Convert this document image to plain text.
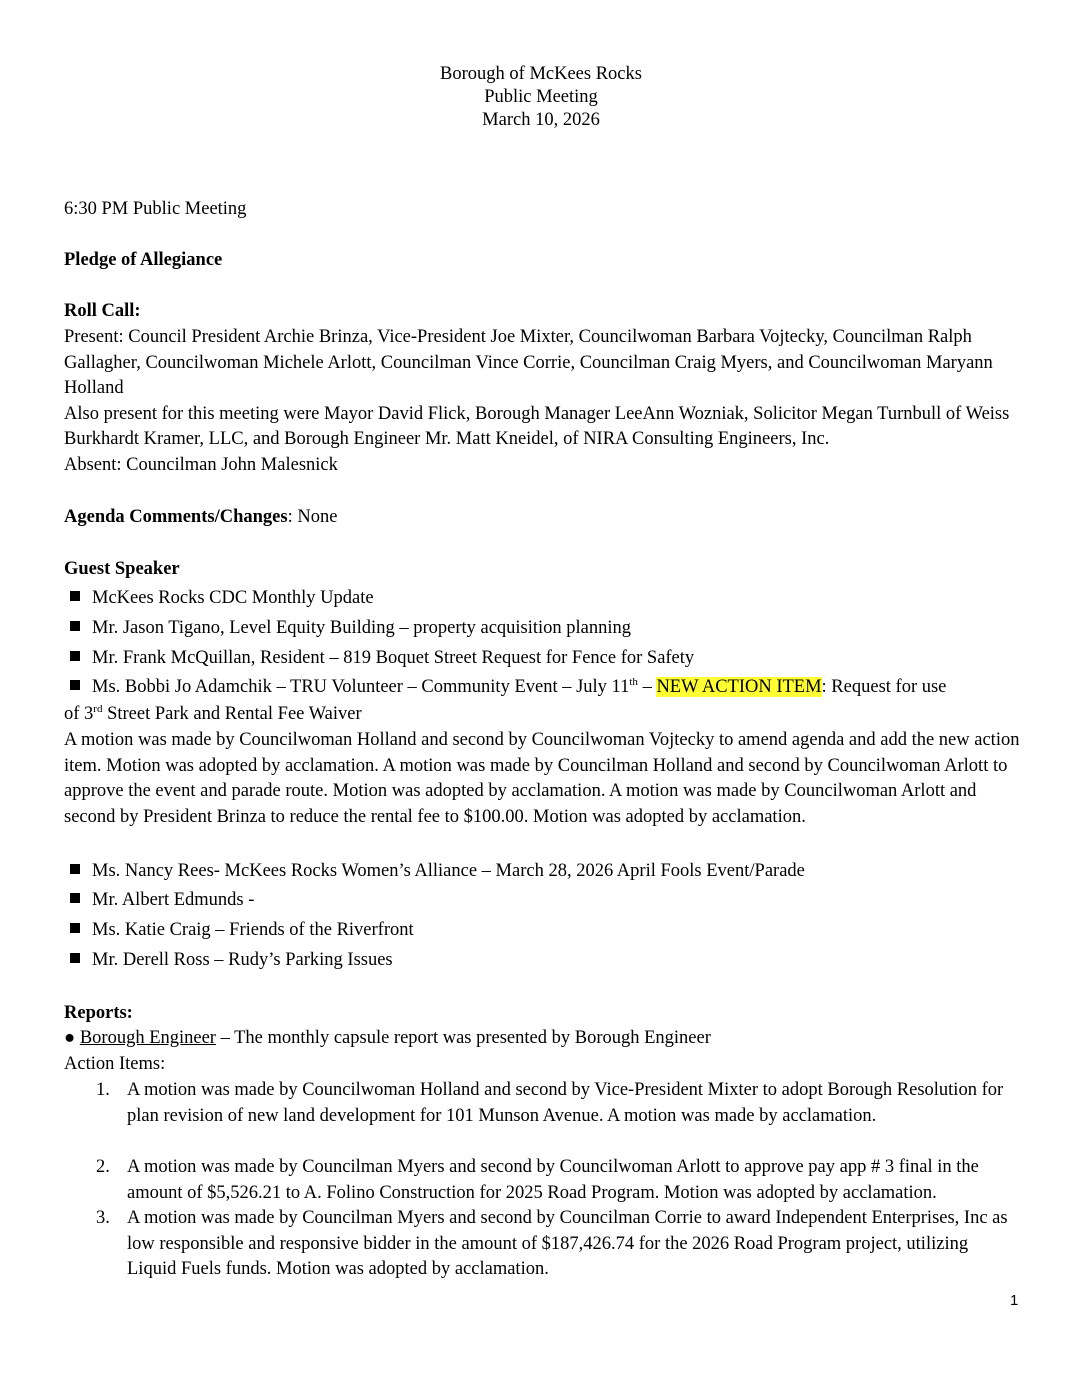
Borough of McKees Rocks
Public Meeting
March 10, 2026
6:30 PM Public Meeting
Pledge of Allegiance
Roll Call:
Present: Council President Archie Brinza, Vice-President Joe Mixter, Councilwoman Barbara Vojtecky, Councilman Ralph Gallagher, Councilwoman Michele Arlott, Councilman Vince Corrie, Councilman Craig Myers, and Councilwoman Maryann Holland
Also present for this meeting were Mayor David Flick, Borough Manager LeeAnn Wozniak, Solicitor Megan Turnbull of Weiss Burkhardt Kramer, LLC, and Borough Engineer Mr. Matt Kneidel, of NIRA Consulting Engineers, Inc.
Absent: Councilman John Malesnick
Agenda Comments/Changes: None
Guest Speaker
McKees Rocks CDC Monthly Update
Mr. Jason Tigano, Level Equity Building – property acquisition planning
Mr. Frank McQuillan, Resident – 819 Boquet Street Request for Fence for Safety
Ms. Bobbi Jo Adamchik – TRU Volunteer – Community Event – July 11th – NEW ACTION ITEM: Request for use
of 3rd Street Park and Rental Fee Waiver
A motion was made by Councilwoman Holland and second by Councilwoman Vojtecky to amend agenda and add the new action item. Motion was adopted by acclamation. A motion was made by Councilman Holland and second by Councilwoman Arlott to approve the event and parade route. Motion was adopted by acclamation. A motion was made by Councilwoman Arlott and second by President Brinza to reduce the rental fee to $100.00. Motion was adopted by acclamation.
Ms. Nancy Rees- McKees Rocks Women’s Alliance – March 28, 2026 April Fools Event/Parade
Mr. Albert Edmunds -
Ms. Katie Craig – Friends of the Riverfront
Mr. Derell Ross – Rudy’s Parking Issues
Reports:
● Borough Engineer – The monthly capsule report was presented by Borough Engineer
Action Items:
1. A motion was made by Councilwoman Holland and second by Vice-President Mixter to adopt Borough Resolution for plan revision of new land development for 101 Munson Avenue. A motion was made by acclamation.
2. A motion was made by Councilman Myers and second by Councilwoman Arlott to approve pay app # 3 final in the amount of $5,526.21 to A. Folino Construction for 2025 Road Program. Motion was adopted by acclamation.
3. A motion was made by Councilman Myers and second by Councilman Corrie to award Independent Enterprises, Inc as low responsible and responsive bidder in the amount of $187,426.74 for the 2026 Road Program project, utilizing Liquid Fuels funds. Motion was adopted by acclamation.
1
